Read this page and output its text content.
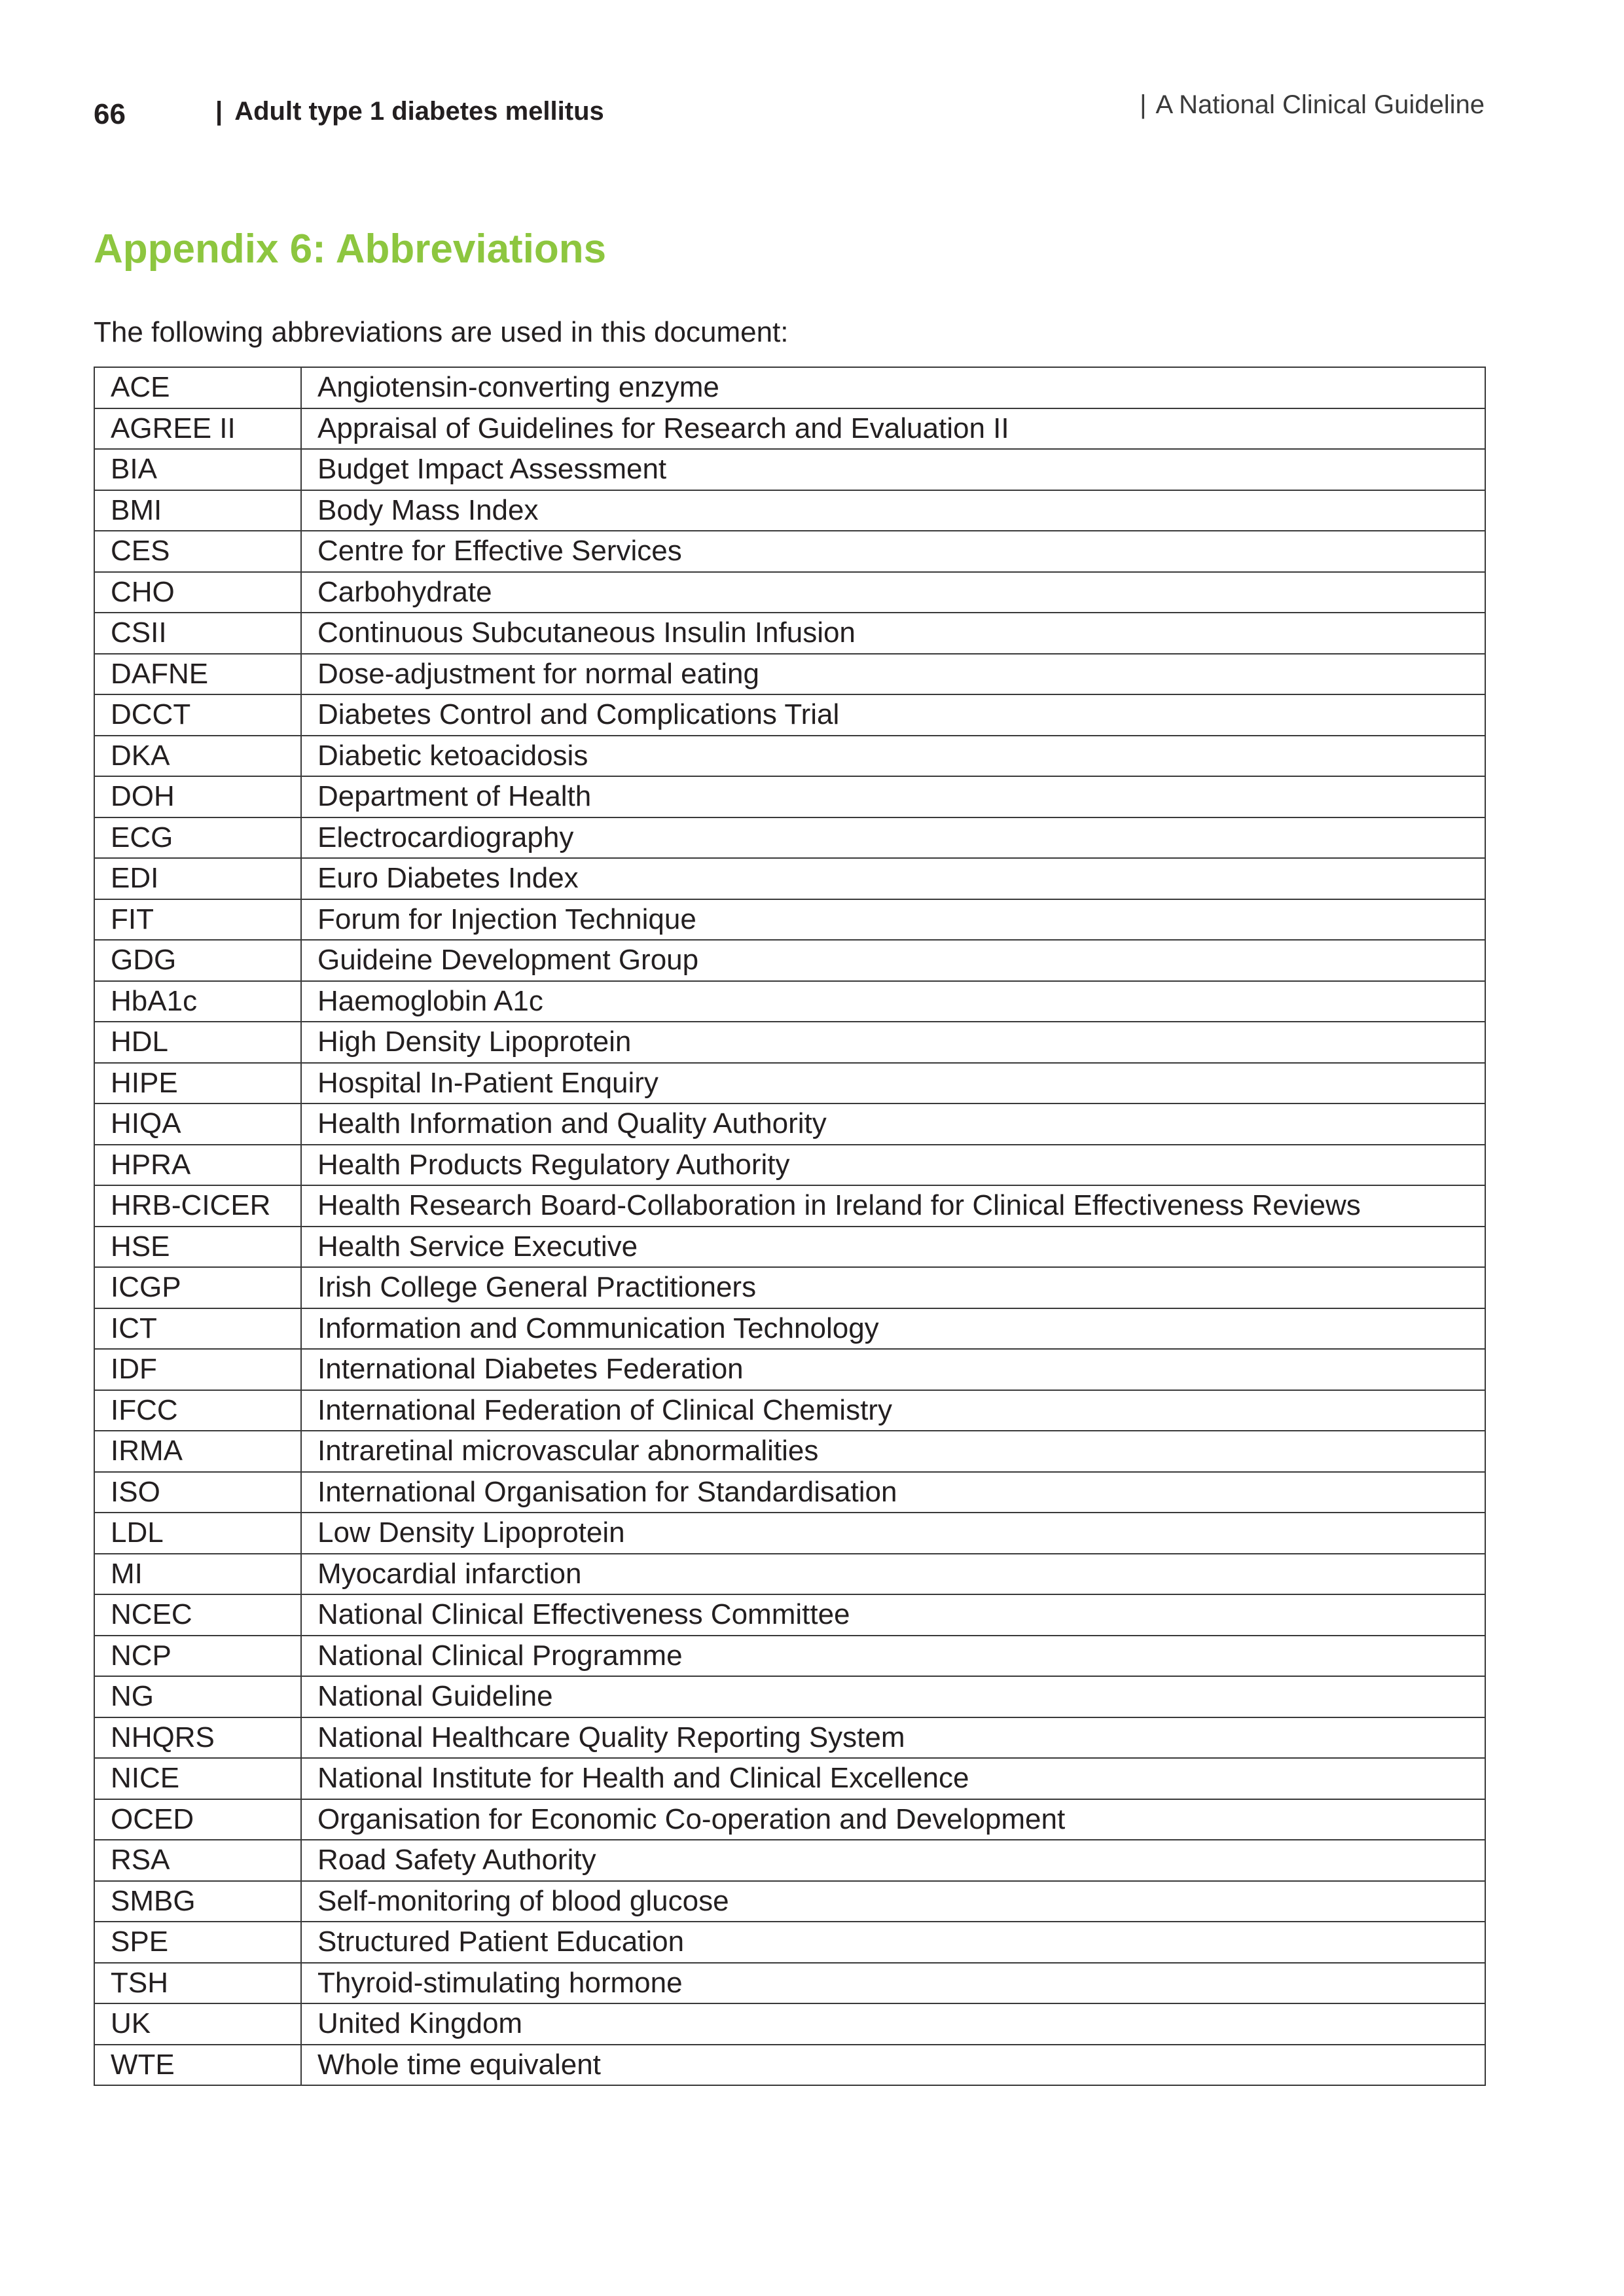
66	| Adult type 1 diabetes mellitus	| A National Clinical Guideline
Appendix 6: Abbreviations

The following abbreviations are used in this document:

ACE	Angiotensin-converting enzyme
AGREE II	Appraisal of Guidelines for Research and Evaluation II
BIA	Budget Impact Assessment
BMI	Body Mass Index
CES	Centre for Effective Services
CHO	Carbohydrate
CSII	Continuous Subcutaneous Insulin Infusion
DAFNE	Dose-adjustment for normal eating
DCCT	Diabetes Control and Complications Trial
DKA	Diabetic ketoacidosis
DOH	Department of Health
ECG	Electrocardiography
EDI	Euro Diabetes Index
FIT	Forum for Injection Technique
GDG	Guideine Development Group
HbA1c	Haemoglobin A1c
HDL	High Density Lipoprotein
HIPE	Hospital In-Patient Enquiry
HIQA	Health Information and Quality Authority
HPRA	Health Products Regulatory Authority
HRB-CICER	Health Research Board-Collaboration in Ireland for Clinical Effectiveness Reviews
HSE	Health Service Executive
ICGP	Irish College General Practitioners
ICT	Information and Communication Technology
IDF	International Diabetes Federation
IFCC	International Federation of Clinical Chemistry
IRMA	Intraretinal microvascular abnormalities
ISO	International Organisation for Standardisation
LDL	Low Density Lipoprotein
MI	Myocardial infarction
NCEC	National Clinical Effectiveness Committee
NCP	National Clinical Programme
NG	National Guideline
NHQRS	National Healthcare Quality Reporting System
NICE	National Institute for Health and Clinical Excellence
OCED	Organisation for Economic Co-operation and Development
RSA	Road Safety Authority
SMBG	Self-monitoring of blood glucose
SPE	Structured Patient Education
TSH	Thyroid-stimulating hormone
UK	United Kingdom
WTE	Whole time equivalent
